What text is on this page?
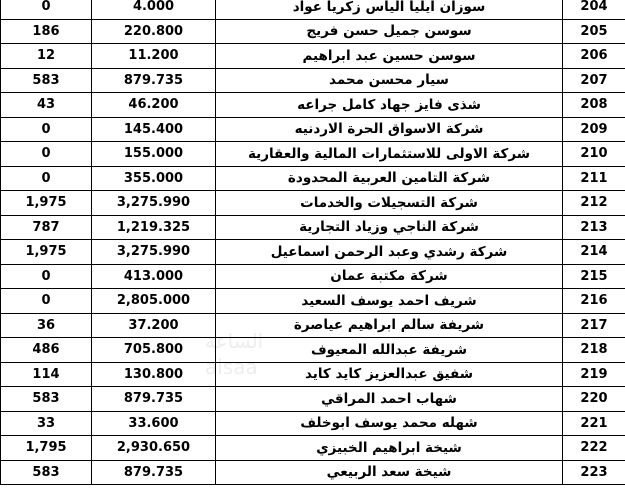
0	4.000	سوزان ايليا الياس زكريا عواد	204
186	220.800	سوسن جميل حسن فريج	205
12	11.200	سوسن حسين عبد ابراهيم	206
583	879.735	سيار محسن محمد	207
43	46.200	شذى فايز جهاد كامل جراعه	208
0	145.400	شركة الاسواق الحرة الاردنيه	209
0	155.000	شركة الاولى للاستثمارات المالية والعقارية	210
0	355.000	شركة التامين العربية المحدودة	211
1,975	3,275.990	شركة التسجيلات والخدمات	212
787	1,219.325	شركة الناجي وزياد التجارية	213
1,975	3,275.990	شركة رشدي وعبد الرحمن اسماعيل	214
0	413.000	شركة مكتبة عمان	215
0	2,805.000	شريف احمد يوسف السعيد	216
36	37.200	شريفة سالم ابراهيم عياصرة	217
486	705.800	شريفة عبدالله المعيوف	218
114	130.800	شفيق عبدالعزيز كايد كايد	219
583	879.735	شهاب احمد المراقي	220
33	33.600	شهله محمد يوسف ابوخلف	221
1,795	2,930.650	شيخة ابراهيم الخبيزي	222
583	879.735	شيخة سعد الربيعي	223
الساعة
alsaa
